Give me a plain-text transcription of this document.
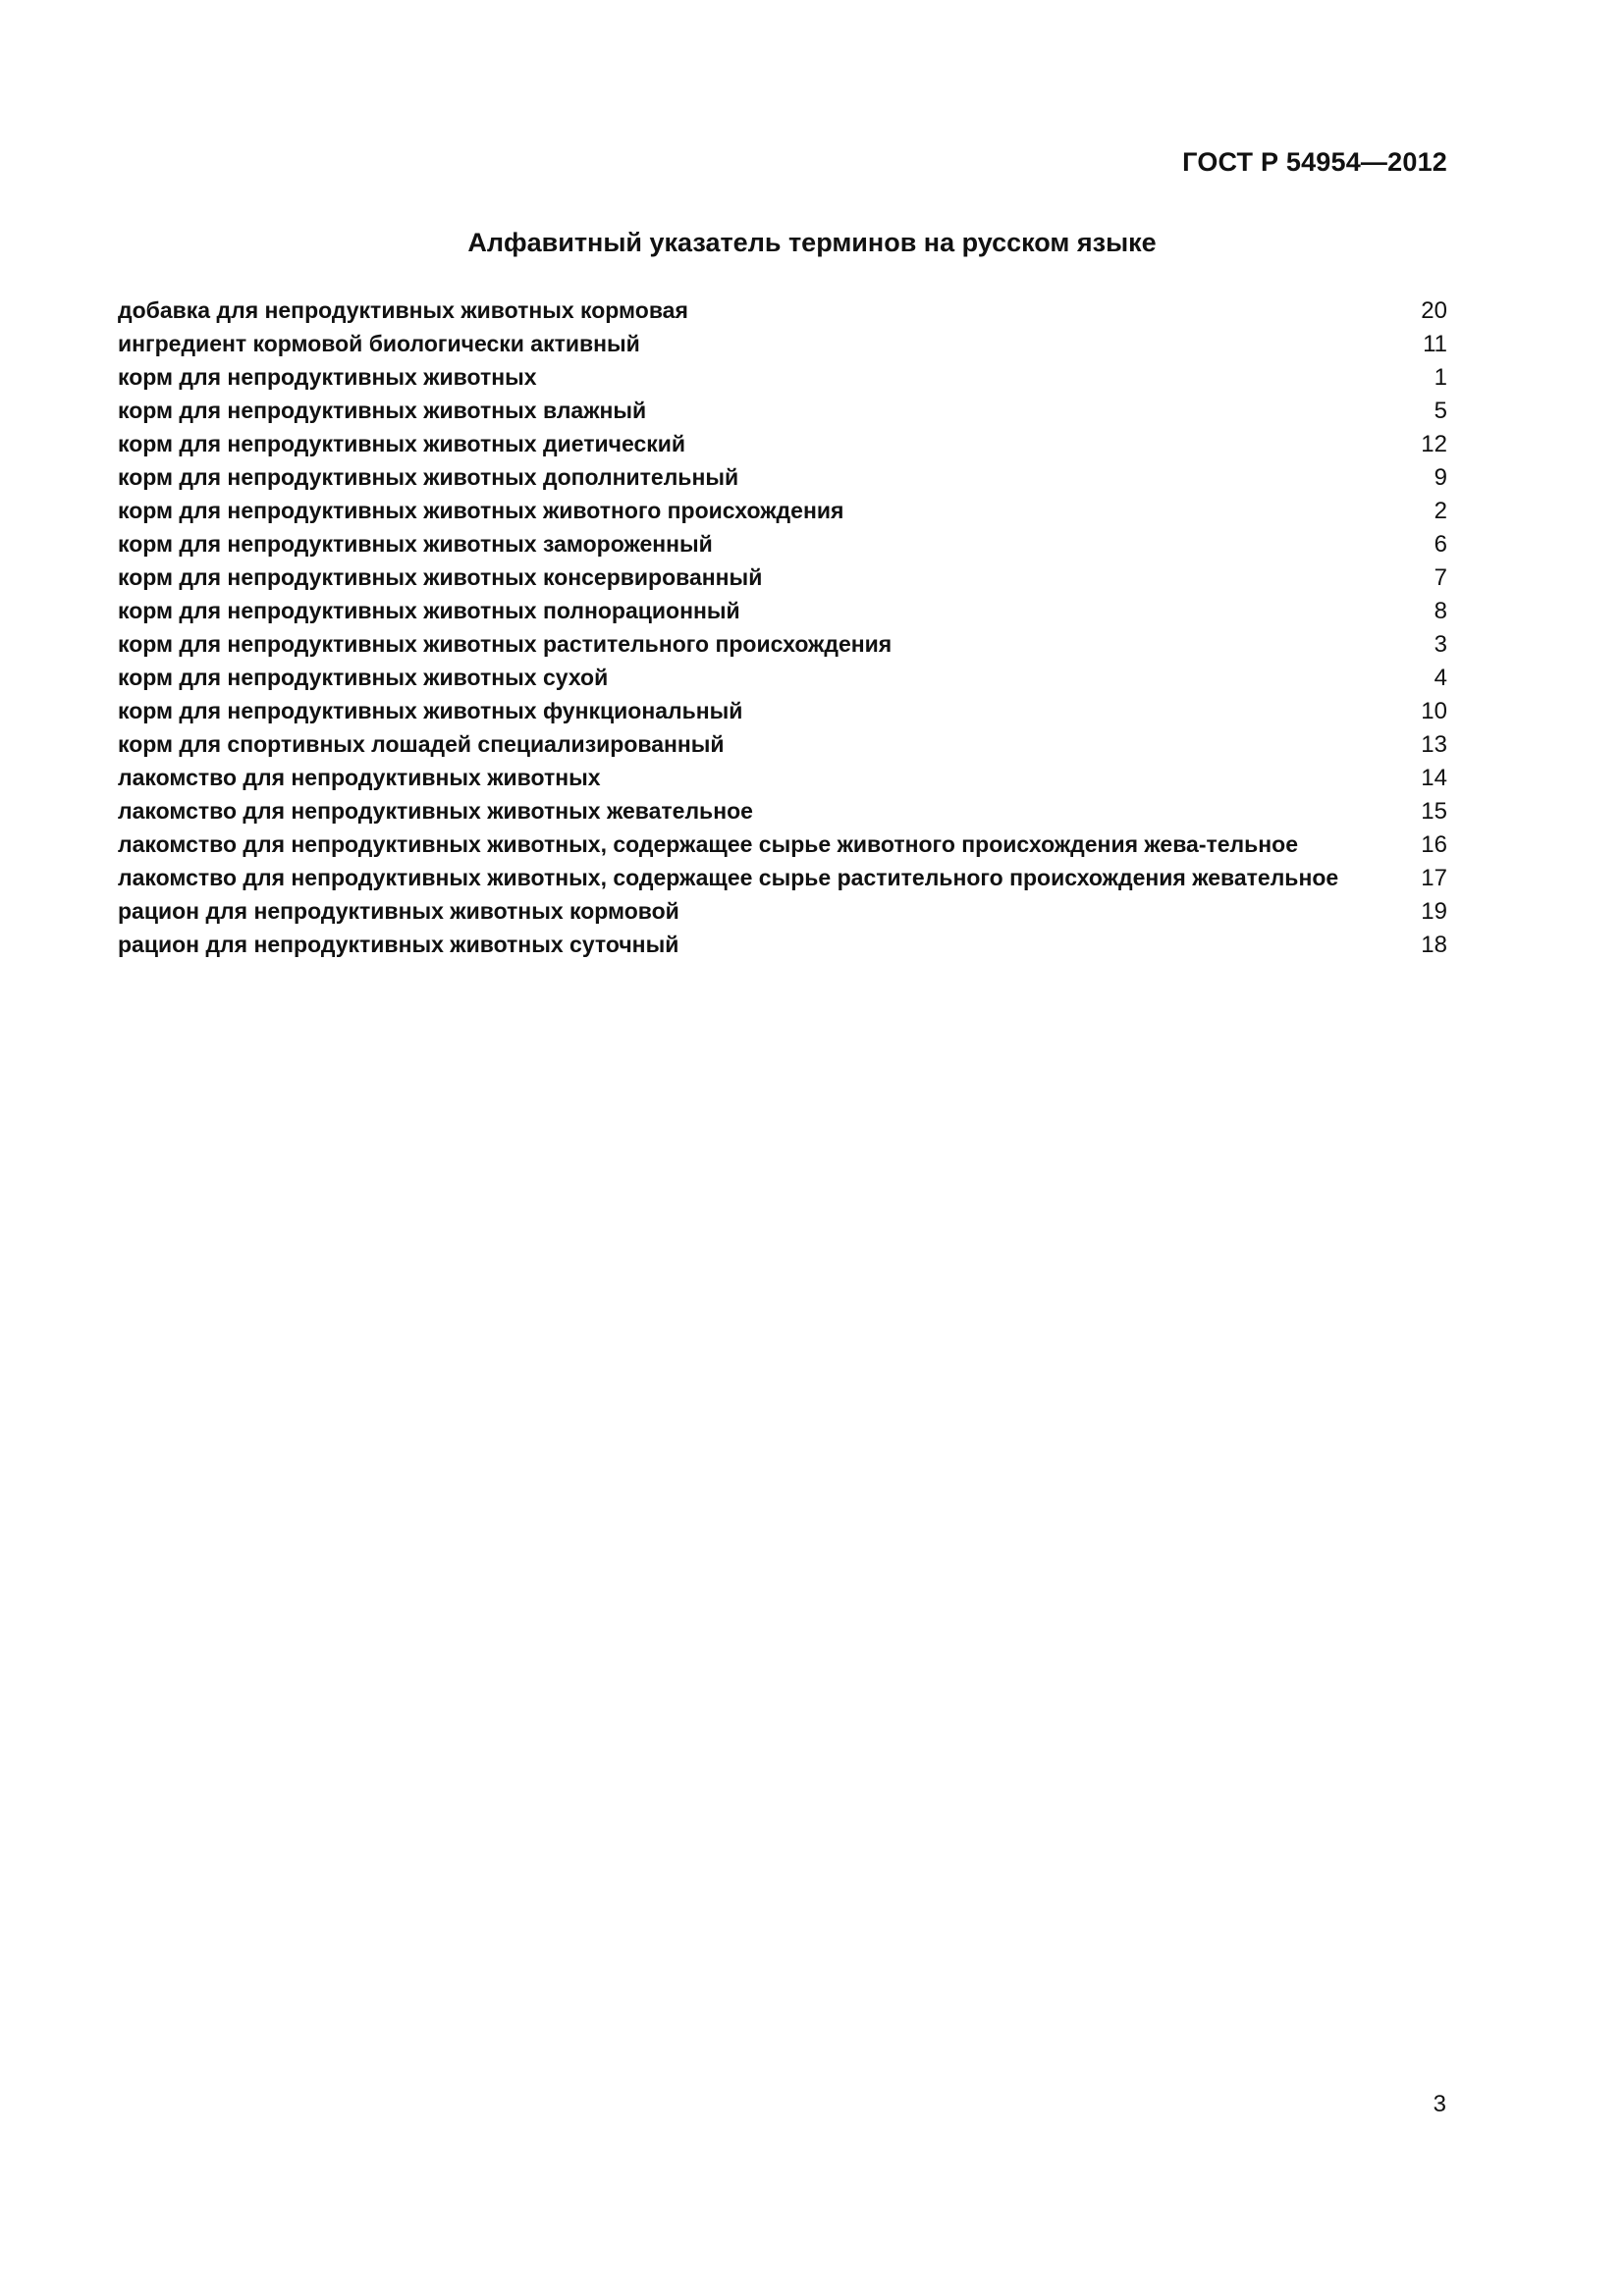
ГОСТ Р 54954—2012
Алфавитный указатель терминов на русском языке
добавка для непродуктивных животных кормовая	20
ингредиент кормовой биологически активный	11
корм для непродуктивных животных	1
корм для непродуктивных животных влажный	5
корм для непродуктивных животных диетический	12
корм для непродуктивных животных дополнительный	9
корм для непродуктивных животных животного происхождения	2
корм для непродуктивных животных замороженный	6
корм для непродуктивных животных консервированный	7
корм для непродуктивных животных полнорационный	8
корм для непродуктивных животных растительного происхождения	3
корм для непродуктивных животных сухой	4
корм для непродуктивных животных функциональный	10
корм для спортивных лошадей специализированный	13
лакомство для непродуктивных животных	14
лакомство для непродуктивных животных жевательное	15
лакомство для непродуктивных животных, содержащее сырье животного происхождения жева-тельное	16
лакомство для непродуктивных животных, содержащее сырье растительного происхождения жевательное	17
рацион для непродуктивных животных кормовой	19
рацион для непродуктивных животных суточный	18
3
